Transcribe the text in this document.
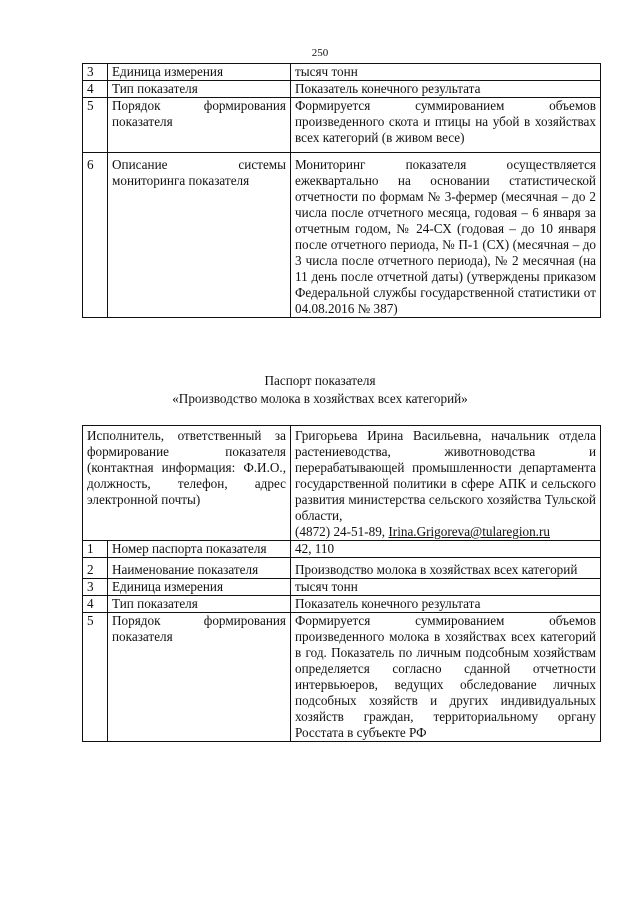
250
3	Единица измерения	тысяч тонн
4	Тип показателя	Показатель конечного результата
5	Порядок формирования показателя	Формируется суммированием объемов произведенного скота и птицы на убой в хозяйствах всех категорий (в живом весе)
6	Описание системы мониторинга показателя	Мониторинг показателя осуществляется ежеквартально на основании статистической отчетности по формам № 3-фермер (месячная – до 2 числа после отчетного месяца, годовая – 6 января за отчетным годом, № 24-СХ (годовая – до 10 января после отчетного периода, № П-1 (СХ) (месячная – до 3 числа после отчетного периода), № 2 месячная (на 11 день после отчетной даты) (утверждены приказом Федеральной службы государственной статистики от 04.08.2016 № 387)
Паспорт показателя
«Производство молока в хозяйствах всех категорий»
Исполнитель, ответственный за формирование показателя (контактная информация: Ф.И.О., должность, телефон, адрес электронной почты)		Григорьева Ирина Васильевна, начальник отдела растениеводства, животноводства и перерабатывающей промышленности департамента государственной политики в сфере АПК и сельского развития министерства сельского хозяйства Тульской области,
(4872) 24-51-89, Irina.Grigoreva@tularegion.ru
1	Номер паспорта показателя	42, 110
2	Наименование показателя	Производство молока в хозяйствах всех категорий
3	Единица измерения	тысяч тонн
4	Тип показателя	Показатель конечного результата
5	Порядок формирования показателя	Формируется суммированием объемов произведенного молока в хозяйствах всех категорий в год. Показатель по личным подсобным хозяйствам определяется согласно сданной отчетности интервьюеров, ведущих обследование личных подсобных хозяйств и других индивидуальных хозяйств граждан, территориальному органу Росстата в субъекте РФ
